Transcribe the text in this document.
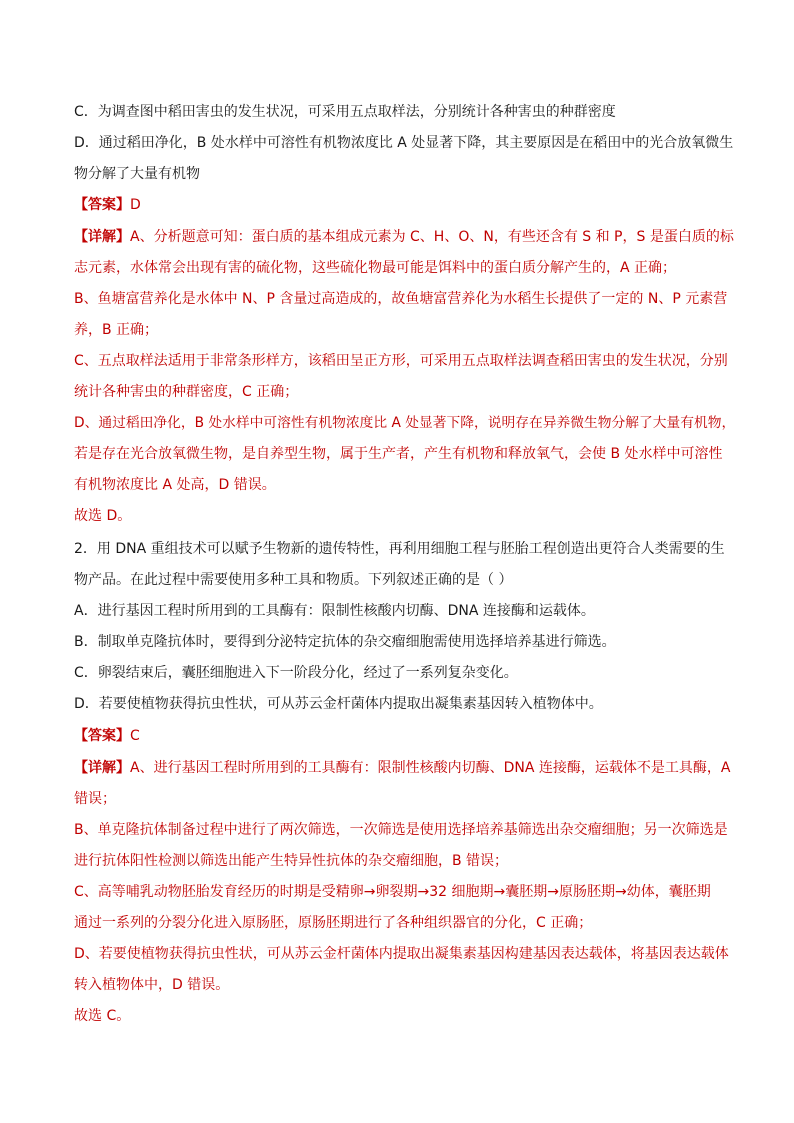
C．为调查图中稻田害虫的发生状况，可采用五点取样法，分别统计各种害虫的种群密度
D．通过稻田净化，B 处水样中可溶性有机物浓度比 A 处显著下降，其主要原因是在稻田中的光合放氧微生
物分解了大量有机物
【答案】D
【详解】A、分析题意可知：蛋白质的基本组成元素为 C、H、O、N，有些还含有 S 和 P，S 是蛋白质的标
志元素，水体常会出现有害的硫化物，这些硫化物最可能是饵料中的蛋白质分解产生的，A 正确；
B、鱼塘富营养化是水体中 N、P 含量过高造成的，故鱼塘富营养化为水稻生长提供了一定的 N、P 元素营
养，B 正确；
C、五点取样法适用于非常条形样方，该稻田呈正方形，可采用五点取样法调查稻田害虫的发生状况，分别
统计各种害虫的种群密度，C 正确；
D、通过稻田净化，B 处水样中可溶性有机物浓度比 A 处显著下降，说明存在异养微生物分解了大量有机物，
若是存在光合放氧微生物，是自养型生物，属于生产者，产生有机物和释放氧气，会使 B 处水样中可溶性
有机物浓度比 A 处高，D 错误。
故选 D。
2．用 DNA 重组技术可以赋予生物新的遗传特性，再利用细胞工程与胚胎工程创造出更符合人类需要的生
物产品。在此过程中需要使用多种工具和物质。下列叙述正确的是（ ）
A．进行基因工程时所用到的工具酶有：限制性核酸内切酶、DNA 连接酶和运载体。
B．制取单克隆抗体时，要得到分泌特定抗体的杂交瘤细胞需使用选择培养基进行筛选。
C．卵裂结束后，囊胚细胞进入下一阶段分化，经过了一系列复杂变化。
D．若要使植物获得抗虫性状，可从苏云金杆菌体内提取出凝集素基因转入植物体中。
【答案】C
【详解】A、进行基因工程时所用到的工具酶有：限制性核酸内切酶、DNA 连接酶，运载体不是工具酶，A
错误；
B、单克隆抗体制备过程中进行了两次筛选，一次筛选是使用选择培养基筛选出杂交瘤细胞；另一次筛选是
进行抗体阳性检测以筛选出能产生特异性抗体的杂交瘤细胞，B 错误；
C、高等哺乳动物胚胎发育经历的时期是受精卵→卵裂期→32 细胞期→囊胚期→原肠胚期→幼体，囊胚期
通过一系列的分裂分化进入原肠胚，原肠胚期进行了各种组织器官的分化，C 正确；
D、若要使植物获得抗虫性状，可从苏云金杆菌体内提取出凝集素基因构建基因表达载体，将基因表达载体
转入植物体中，D 错误。
故选 C。
